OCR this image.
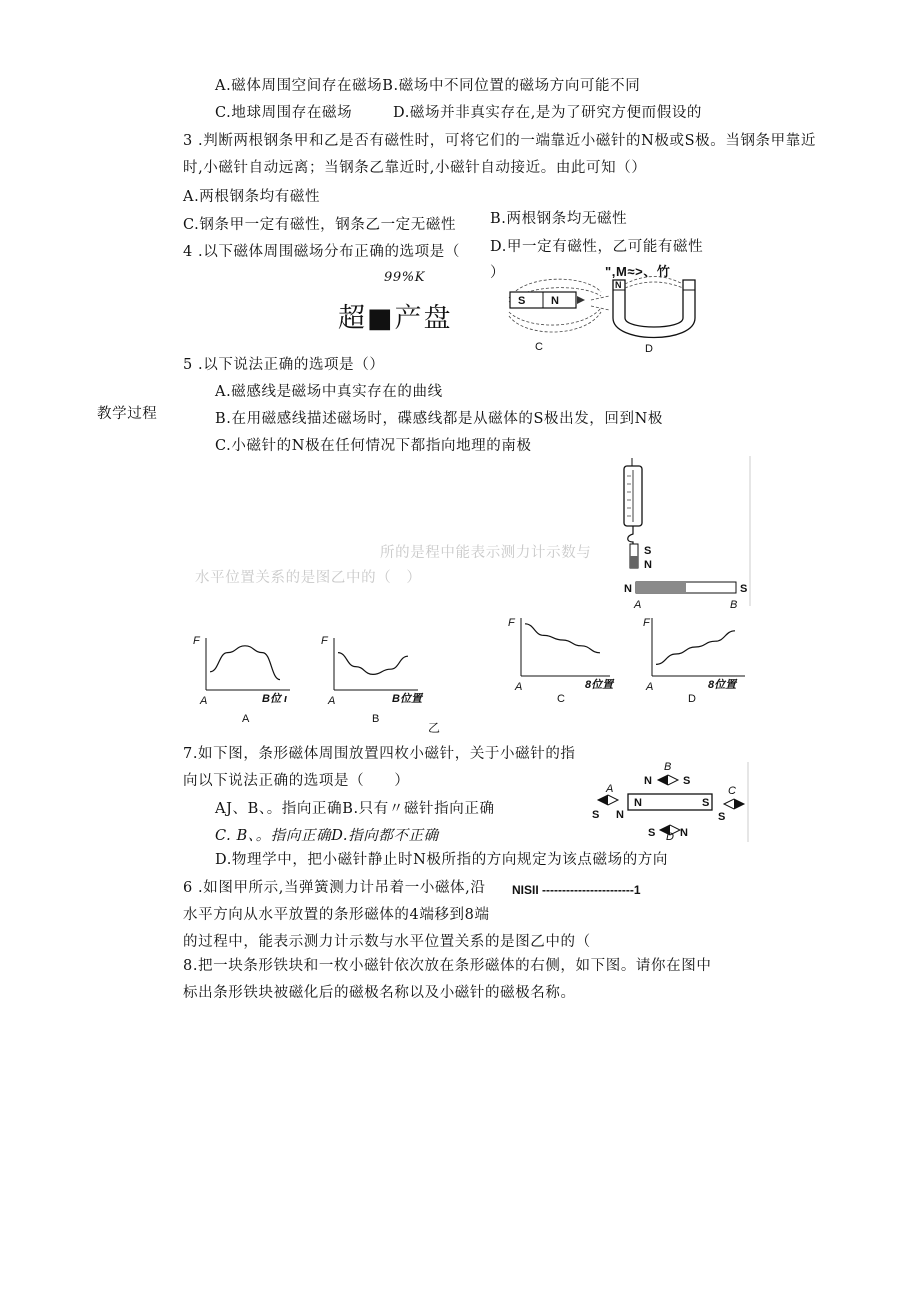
A.磁体周围空间存在磁场B.磁场中不同位置的磁场方向可能不同
C.地球周围存在磁场	D.磁场并非真实存在,是为了研究方便而假设的
3 .判断两根钢条甲和乙是否有磁性时，可将它们的一端靠近小磁针的N极或S极。当钢条甲靠近
时,小磁针自动远离；当钢条乙靠近时,小磁针自动接近。由此可知（）
A.两根钢条均有磁性
C.钢条甲一定有磁性，钢条乙一定无磁性 B.两根钢条均无磁性
D.甲一定有磁性，乙可能有磁性
4 .以下磁体周围磁场分布正确的选项是（
）
99%K
超■产盘
",M≈>、竹
S N
C
N
D
教学过程
5 .以下说法正确的选项是（）
A.磁感线是磁场中真实存在的曲线
B.在用磁感线描述磁场时，碟感线都是从磁体的S极出发，回到N极
C.小磁针的N极在任何情况下都指向地理的南极
所的是程中能表示测力计示数与
水平位置关系的是图乙中的（　）
S
N
N	S
A	B
F
A	B位 ι
A
F
A	B位置
B
F
A	8位置
C
F
A	8位置
D
乙
7.如下图，条形磁体周围放置四枚小磁针，关于小磁针的指
向以下说法正确的选项是（　　）
AJ、B、。指向正确B.只有〃磁针指向正确
C. B、。指向正确D.指向都不正确
D.物理学中，把小磁针静止时N极所指的方向规定为该点磁场的方向
N	S
N	S
B
A
S N
C
S
S D N
6 .如图甲所示,当弹簧测力计吊着一小磁体,沿
水平方向从水平放置的条形磁体的4端移到8端
的过程中，能表示测力计示数与水平位置关系的是图乙中的（
NISII -----------------------1
8.把一块条形铁块和一枚小磁针依次放在条形磁体的右侧，如下图。请你在图中
标出条形铁块被磁化后的磁极名称以及小磁针的磁极名称。
